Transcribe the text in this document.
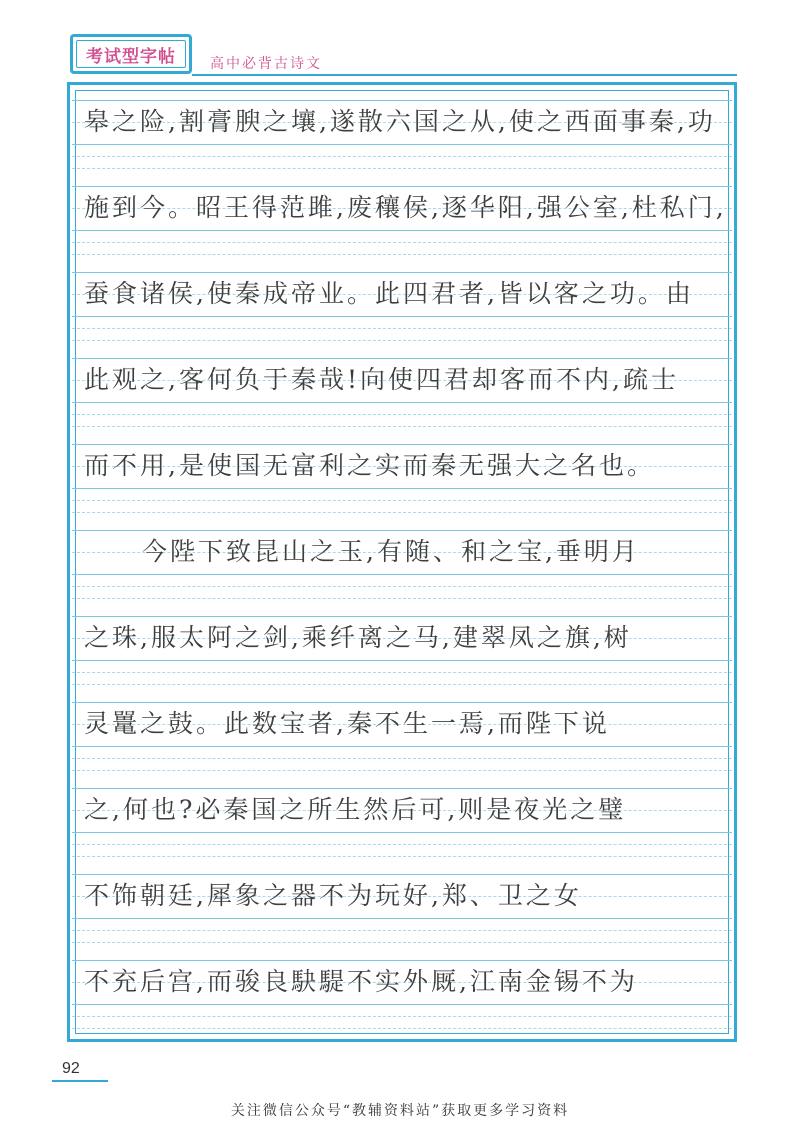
考试型字帖	高中必背古诗文
皋之险,割膏腴之壤,遂散六国之从,使之西面事秦,功
施到今。昭王得范雎,废穰侯,逐华阳,强公室,杜私门,
蚕食诸侯,使秦成帝业。此四君者,皆以客之功。由
此观之,客何负于秦哉!向使四君却客而不内,疏士
而不用,是使国无富利之实而秦无强大之名也。
今陛下致昆山之玉,有随、和之宝,垂明月
之珠,服太阿之剑,乘纤离之马,建翠凤之旗,树
灵鼍之鼓。此数宝者,秦不生一焉,而陛下说
之,何也?必秦国之所生然后可,则是夜光之璧
不饰朝廷,犀象之器不为玩好,郑、卫之女
不充后宫,而骏良駃騠不实外厩,江南金锡不为
92
关注微信公众号“教辅资料站”获取更多学习资料
